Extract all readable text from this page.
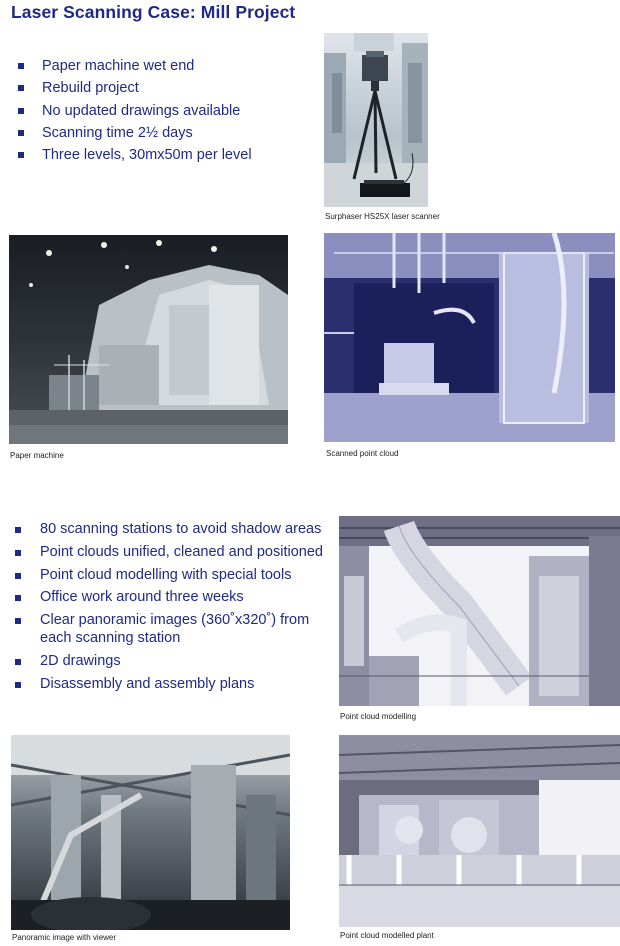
Laser Scanning Case: Mill Project
Paper machine wet end
Rebuild project
No updated drawings available
Scanning time 2½ days
Three levels, 30mx50m per level
Surphaser HS25X laser scanner
Paper machine	Scanned point cloud
80 scanning stations to avoid shadow areas
Point clouds unified, cleaned and positioned
Point cloud modelling with special tools
Office work around three weeks
Clear panoramic images (360˚x320˚) from each scanning station
2D drawings
Disassembly and assembly plans
Point cloud modelling
Panoramic image with viewer	Point cloud modelled plant
